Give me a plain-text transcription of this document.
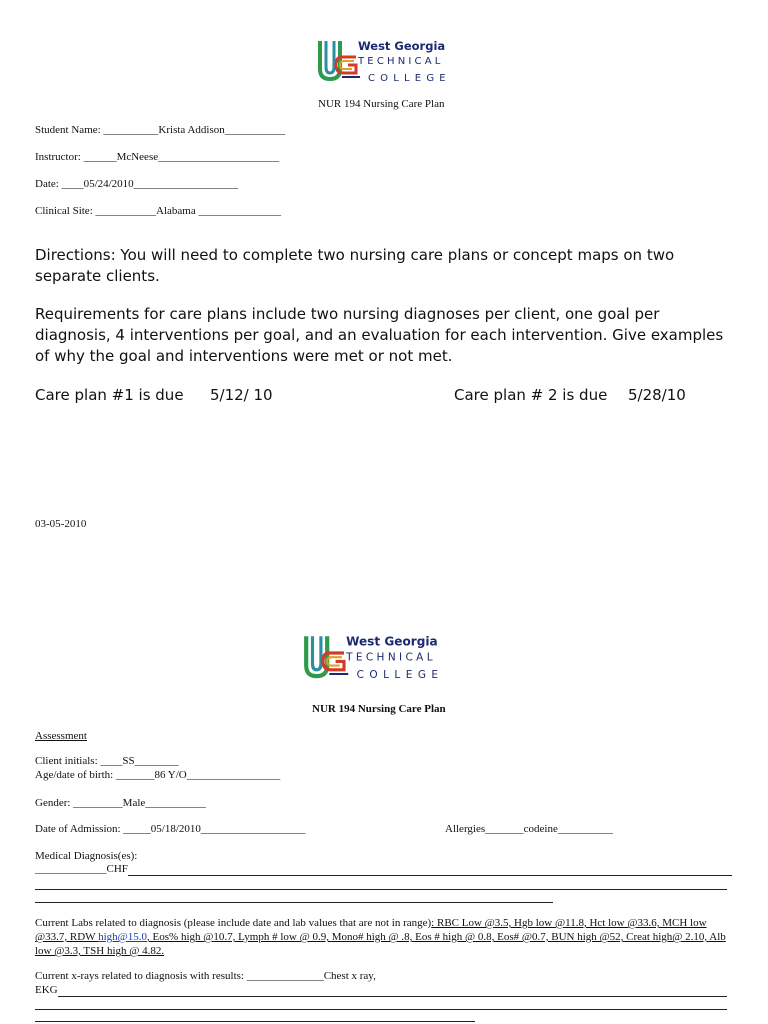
West Georgia
TECHNICAL
COLLEGE
NUR 194 Nursing Care Plan
Student Name: __________Krista Addison___________
Instructor: ______McNeese______________________
Date: ____05/24/2010___________________
Clinical Site: ___________Alabama _______________
Directions: You will need to complete two nursing care plans or concept maps on two separate clients.
Requirements for care plans include two nursing diagnoses per client, one goal per diagnosis, 4 interventions per goal, and an evaluation for each intervention. Give examples of why the goal and interventions were met or not met.
Care plan #1 is due 5/12/ 10	Care plan # 2 is due 5/28/10
03-05-2010
West Georgia
TECHNICAL
COLLEGE
NUR 194 Nursing Care Plan
Assessment
Client initials: ____SS________
Age/date of birth: _______86 Y/O_________________
Gender: _________Male___________
Date of Admission: _____05/18/2010___________________	Allergies_______codeine__________
Medical Diagnosis(es):
_____________CHF
Current Labs related to diagnosis (please include date and lab values that are not in range): RBC Low @3.5, Hgb low @11.8, Hct low @33.6, MCH low @33.7, RDW high@15.0, Eos% high @10.7, Lymph # low @ 0.9, Mono# high @ .8, Eos # high @ 0.8, Eos# @0.7, BUN high @52, Creat high@ 2.10, Alb low @3.3, TSH high @ 4.82.
Current x-rays related to diagnosis with results: ______________Chest x ray,
EKG
